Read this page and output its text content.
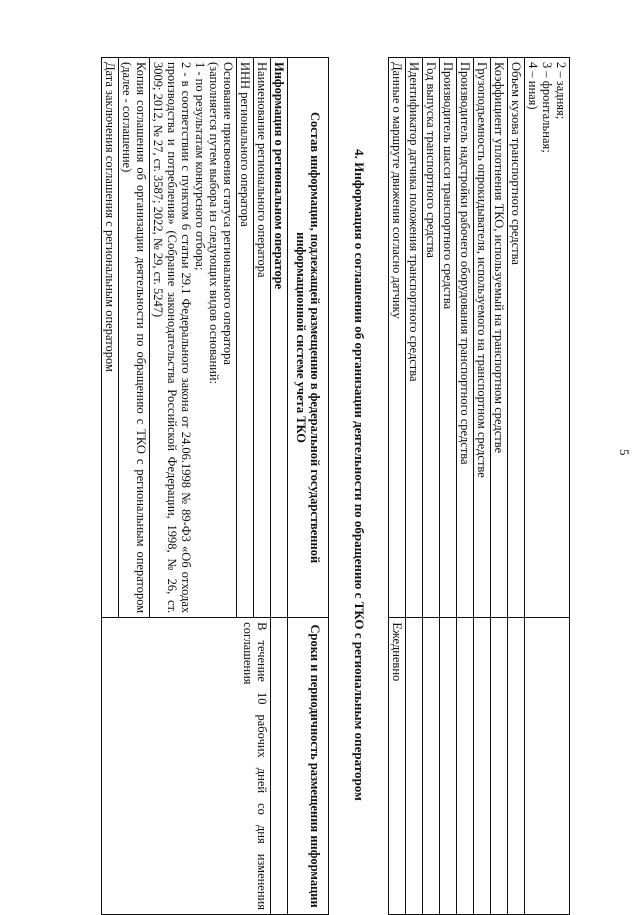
5
2 – задняя;
3 – фронтальная;
4 – иная)	

Объем кузова транспортного средства	

Коэффициент уплотнения ТКО, используемый на транспортном средстве	

Грузоподъемность опрокидывателя, используемого на транспортном средстве	

Производитель надстройки рабочего оборудования транспортного средства	

Производитель шасси транспортного средства	

Год выпуска транспортного средства	

Идентификатор датчика положения транспортного средства	

Данные о маршруте движения согласно датчику	Ежедневно
4. Информация о соглашении об организации деятельности по обращению с ТКО с региональным оператором
Состав информации, подлежащей размещению в федеральной государственной информационной системе учета ТКО	Сроки и периодичность размещения информации
Информация о региональном операторе	

Наименование регионального оператора	В течение 10 рабочих дней со дня изменения соглашения

ИНН регионального оператора	

Основание присвоения статуса регионального оператора
(заполняется путем выбора из следующих видов оснований:
1 - по результатам конкурсного отбора;
2 - в соответствии с пунктом 6 статьи 29.1 Федерального закона от 24.06.1998 № 89-ФЗ «Об отходах производства и потребления» (Собрание законодательства Российской Федерации, 1998, № 26, ст. 3009; 2012, № 27, ст. 3587; 2022, № 29, ст. 5247)	

Копия соглашения об организации деятельности по обращению с ТКО с региональным оператором (далее - соглашение)	

Дата заключения соглашения с региональным оператором	
